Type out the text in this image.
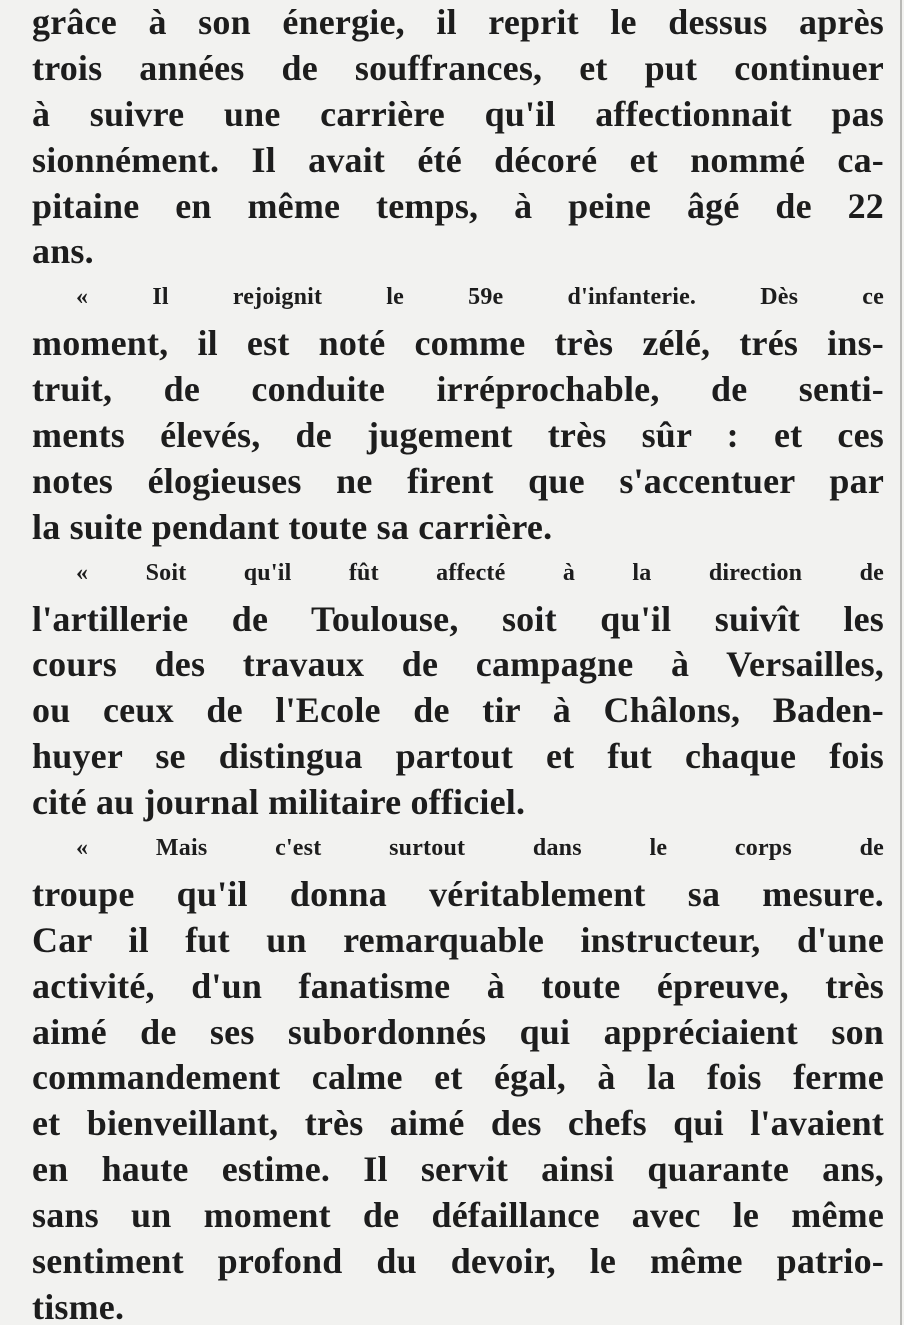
grâce à son énergie, il reprit le dessus après
trois années de souffrances, et put continuer
à suivre une carrière qu'il affectionnait pas
sionnément. Il avait été décoré et nommé ca-
pitaine en même temps, à peine âgé de 22
ans.
« Il rejoignit le 59e d'infanterie. Dès ce
moment, il est noté comme très zélé, trés ins-
truit, de conduite irréprochable, de senti-
ments élevés, de jugement très sûr : et ces
notes élogieuses ne firent que s'accentuer par
la suite pendant toute sa carrière.
« Soit qu'il fût affecté à la direction de
l'artillerie de Toulouse, soit qu'il suivît les
cours des travaux de campagne à Versailles,
ou ceux de l'Ecole de tir à Châlons, Baden-
huyer se distingua partout et fut chaque fois
cité au journal militaire officiel.
« Mais c'est surtout dans le corps de
troupe qu'il donna véritablement sa mesure.
Car il fut un remarquable instructeur, d'une
activité, d'un fanatisme à toute épreuve, très
aimé de ses subordonnés qui appréciaient son
commandement calme et égal, à la fois ferme
et bienveillant, très aimé des chefs qui l'avaient
en haute estime. Il servit ainsi quarante ans,
sans un moment de défaillance avec le même
sentiment profond du devoir, le même patrio-
tisme.
